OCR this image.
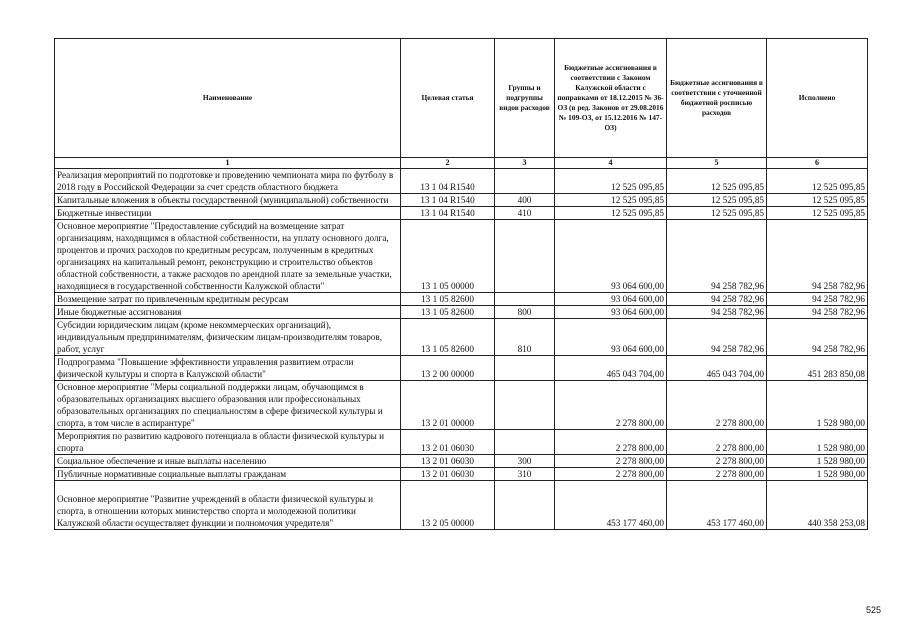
Наименование	Целевая статья	Группы и подгруппы видов расходов	Бюджетные ассигнования в соответствии с Законом Калужской области с поправками от 18.12.2015 № 36-ОЗ (в ред. Законов от 29.08.2016 № 109-ОЗ, от 15.12.2016 № 147-ОЗ)	Бюджетные ассигнования в соответствии с уточненной бюджетной росписью расходов	Исполнено
1	2	3	4	5	6
Реализация мероприятий по подготовке и проведению чемпионата мира по футболу в 2018 году в Российской Федерации за счет средств областного бюджета	13 1 04 R1540		12 525 095,85	12 525 095,85	12 525 095,85
Капитальные вложения в объекты государственной (муниципальной) собственности	13 1 04 R1540	400	12 525 095,85	12 525 095,85	12 525 095,85
Бюджетные инвестиции	13 1 04 R1540	410	12 525 095,85	12 525 095,85	12 525 095,85
Основное мероприятие "Предоставление субсидий на возмещение затрат организациям, находящимся в областной собственности, на уплату основного долга, процентов и прочих расходов по кредитным ресурсам, полученным в кредитных организациях на капитальный ремонт, реконструкцию и строительство объектов областной собственности, а также расходов по арендной плате за земельные участки, находящиеся в государственной собственности Калужской области"	13 1 05 00000		93 064 600,00	94 258 782,96	94 258 782,96
Возмещение затрат по привлеченным кредитным ресурсам	13 1 05 82600		93 064 600,00	94 258 782,96	94 258 782,96
Иные бюджетные ассигнования	13 1 05 82600	800	93 064 600,00	94 258 782,96	94 258 782,96
Субсидии юридическим лицам (кроме некоммерческих организаций), индивидуальным предпринимателям, физическим лицам-производителям товаров, работ, услуг	13 1 05 82600	810	93 064 600,00	94 258 782,96	94 258 782,96
Подпрограмма "Повышение эффективности управления развитием отрасли физической культуры и спорта в Калужской области"	13 2 00 00000		465 043 704,00	465 043 704,00	451 283 850,08
Основное мероприятие "Меры социальной поддержки лицам, обучающимся в образовательных организациях высшего образования или профессиональных образовательных организациях по специальностям в сфере физической культуры и спорта, в том числе в аспирантуре"	13 2 01 00000		2 278 800,00	2 278 800,00	1 528 980,00
Мероприятия по развитию кадрового потенциала в области физической культуры и спорта	13 2 01 06030		2 278 800,00	2 278 800,00	1 528 980,00
Социальное обеспечение и иные выплаты населению	13 2 01 06030	300	2 278 800,00	2 278 800,00	1 528 980,00
Публичные нормативные социальные выплаты гражданам	13 2 01 06030	310	2 278 800,00	2 278 800,00	1 528 980,00
Основное мероприятие "Развитие учреждений в области физической культуры и спорта, в отношении которых министерство спорта и молодежной политики Калужской области осуществляет функции и полномочия учредителя"	13 2 05 00000		453 177 460,00	453 177 460,00	440 358 253,08
525
